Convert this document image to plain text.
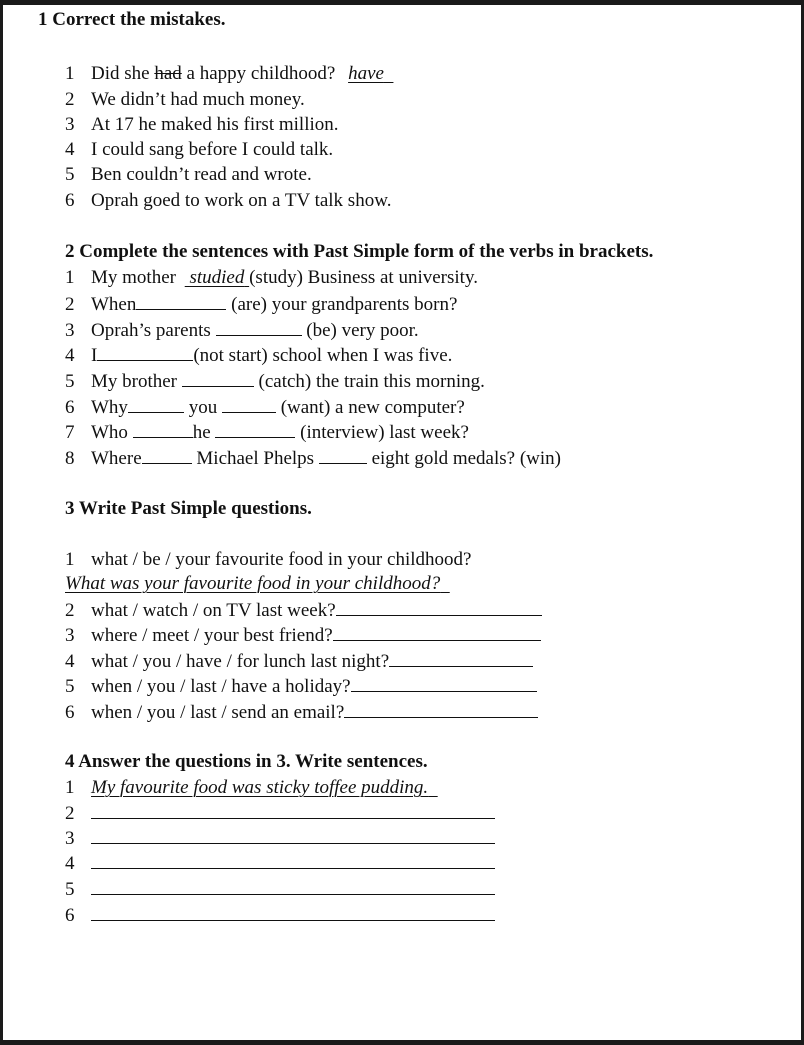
1 Correct the mistakes.
1 Did she had a happy childhood? have
2 We didn’t had much money.
3 At 17 he maked his first million.
4 I could sang before I could talk.
5 Ben couldn’t read and wrote.
6 Oprah goed to work on a TV talk show.
2 Complete the sentences with Past Simple form of the verbs in brackets.
1 My mother studied (study) Business at university.
2 When	(are) your grandparents born?
3 Oprah’s parents	(be) very poor.
4 I	(not start) school when I was five.
5 My brother	(catch) the train this morning.
6 Why	you	(want) a new computer?
7 Who	he	(interview) last week?
8 Where	Michael Phelps	eight gold medals? (win)
3 Write Past Simple questions.
1 what / be / your favourite food in your childhood?
What was your favourite food in your childhood?
2 what / watch / on TV last week?
3 where / meet / your best friend?
4 what / you / have / for lunch last night?
5 when / you / last / have a holiday?
6 when / you / last / send an email?
4 Answer the questions in 3. Write sentences.
1 My favourite food was sticky toffee pudding.
2
3
4
5
6
